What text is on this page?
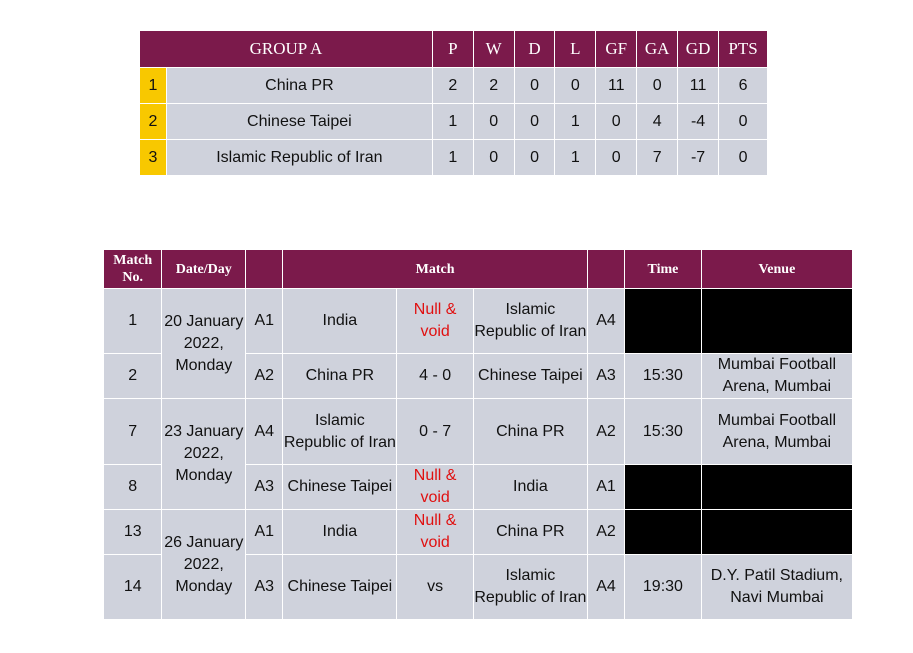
GROUP A		P	W	D	L	GF	GA	GD	PTS
1	China PR	2	2	0	0	11	0	11	6
2	Chinese Taipei	1	0	0	1	0	4	-4	0
3	Islamic Republic of Iran	1	0	0	1	0	7	-7	0
Match No.	Date/Day		Match				Time	Venue
1	20 January 2022, Monday	A1	India	Null & void	Islamic Republic of Iran	A4		
2		A2	China PR	4 - 0	Chinese Taipei	A3	15:30	Mumbai Football Arena, Mumbai
7	23 January 2022, Monday	A4	Islamic Republic of Iran	0 - 7	China PR	A2	15:30	Mumbai Football Arena, Mumbai
8		A3	Chinese Taipei	Null & void	India	A1		
13	26 January 2022, Monday	A1	India	Null & void	China PR	A2		
14		A3	Chinese Taipei	vs	Islamic Republic of Iran	A4	19:30	D.Y. Patil Stadium, Navi Mumbai
